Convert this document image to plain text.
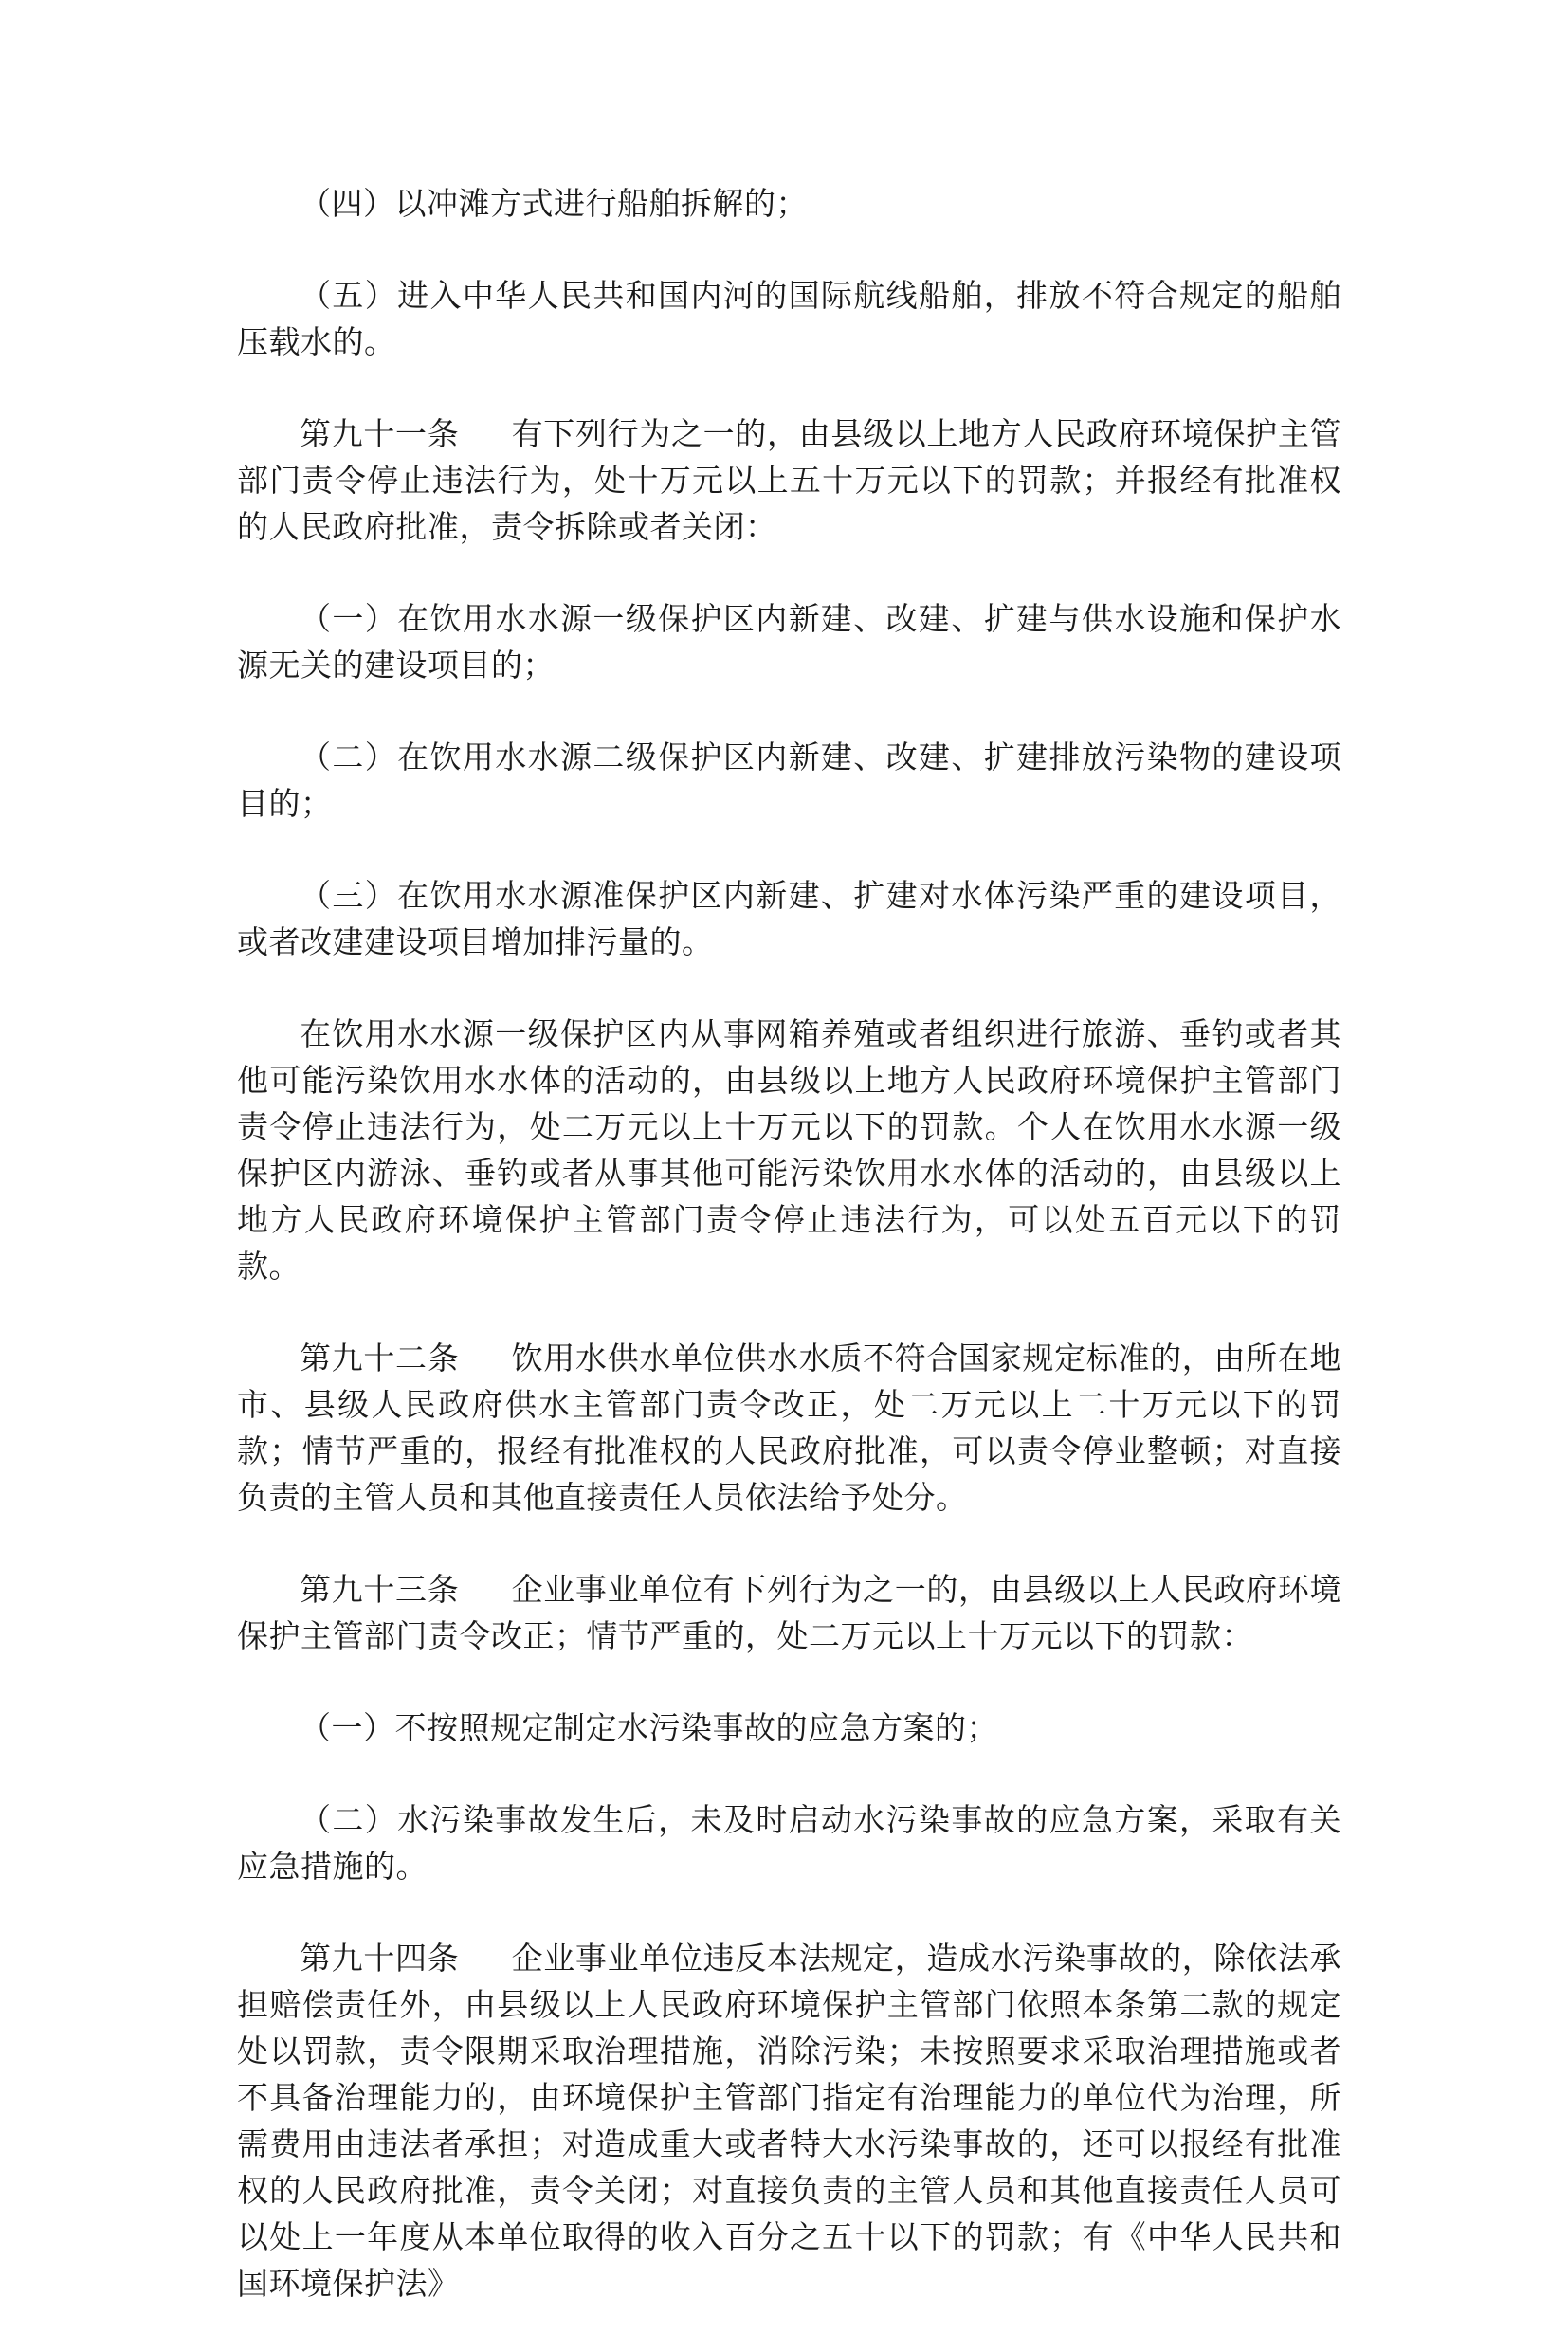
（四）以冲滩方式进行船舶拆解的；

（五）进入中华人民共和国内河的国际航线船舶，排放不符合规定的船舶压载水的。

第九十一条 有下列行为之一的，由县级以上地方人民政府环境保护主管部门责令停止违法行为，处十万元以上五十万元以下的罚款；并报经有批准权的人民政府批准，责令拆除或者关闭：

（一）在饮用水水源一级保护区内新建、改建、扩建与供水设施和保护水源无关的建设项目的；

（二）在饮用水水源二级保护区内新建、改建、扩建排放污染物的建设项目的；

（三）在饮用水水源准保护区内新建、扩建对水体污染严重的建设项目，或者改建建设项目增加排污量的。

在饮用水水源一级保护区内从事网箱养殖或者组织进行旅游、垂钓或者其他可能污染饮用水水体的活动的，由县级以上地方人民政府环境保护主管部门责令停止违法行为，处二万元以上十万元以下的罚款。个人在饮用水水源一级保护区内游泳、垂钓或者从事其他可能污染饮用水水体的活动的，由县级以上地方人民政府环境保护主管部门责令停止违法行为，可以处五百元以下的罚款。

第九十二条 饮用水供水单位供水水质不符合国家规定标准的，由所在地市、县级人民政府供水主管部门责令改正，处二万元以上二十万元以下的罚款；情节严重的，报经有批准权的人民政府批准，可以责令停业整顿；对直接负责的主管人员和其他直接责任人员依法给予处分。

第九十三条 企业事业单位有下列行为之一的，由县级以上人民政府环境保护主管部门责令改正；情节严重的，处二万元以上十万元以下的罚款：

（一）不按照规定制定水污染事故的应急方案的；

（二）水污染事故发生后，未及时启动水污染事故的应急方案，采取有关应急措施的。

第九十四条 企业事业单位违反本法规定，造成水污染事故的，除依法承担赔偿责任外，由县级以上人民政府环境保护主管部门依照本条第二款的规定处以罚款，责令限期采取治理措施，消除污染；未按照要求采取治理措施或者不具备治理能力的，由环境保护主管部门指定有治理能力的单位代为治理，所需费用由违法者承担；对造成重大或者特大水污染事故的，还可以报经有批准权的人民政府批准，责令关闭；对直接负责的主管人员和其他直接责任人员可以处上一年度从本单位取得的收入百分之五十以下的罚款；有《中华人民共和国环境保护法》
